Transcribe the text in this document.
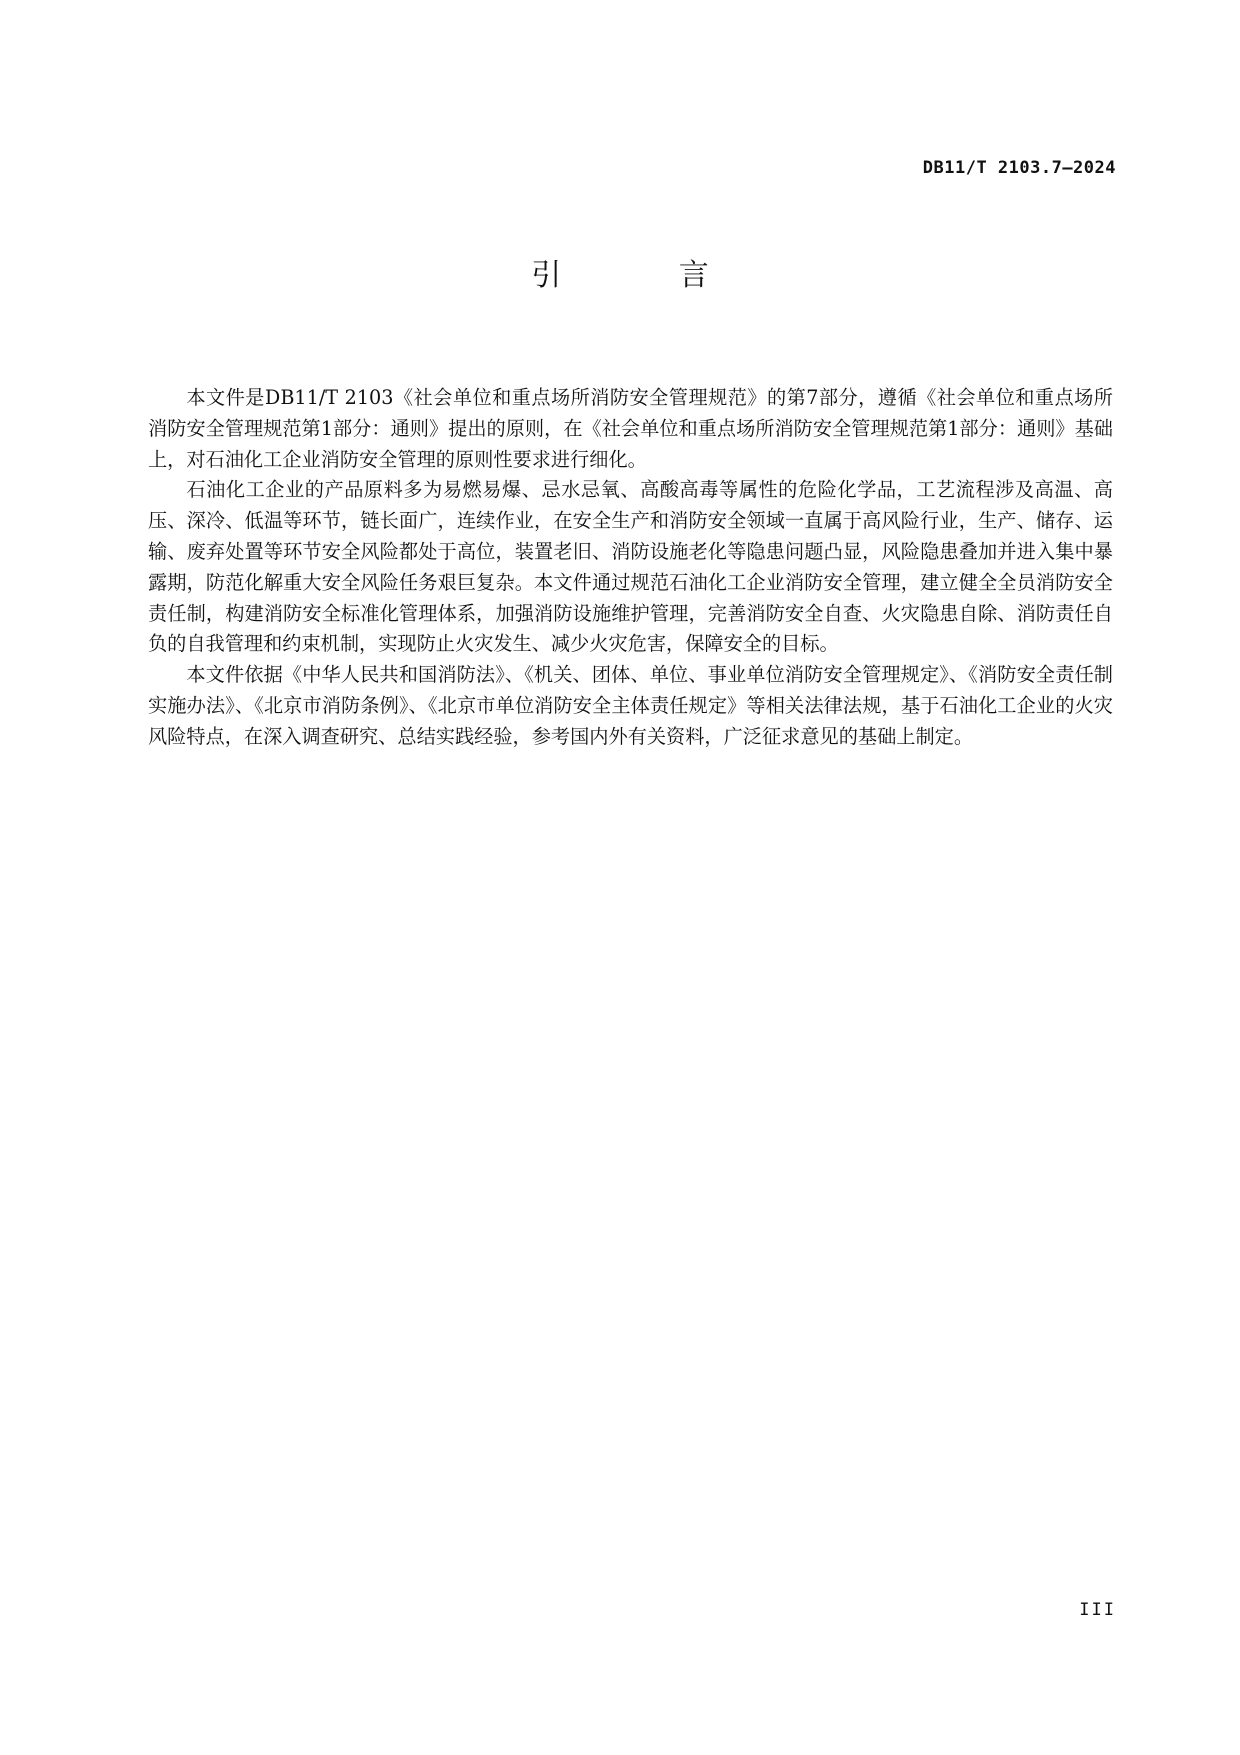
DB11/T 2103.7—2024
引 言

本文件是DB11/T 2103《社会单位和重点场所消防安全管理规范》的第7部分，遵循《社会单位和重点场所消防安全管理规范第1部分：通则》提出的原则，在《社会单位和重点场所消防安全管理规范第1部分：通则》基础上，对石油化工企业消防安全管理的原则性要求进行细化。

石油化工企业的产品原料多为易燃易爆、忌水忌氧、高酸高毒等属性的危险化学品，工艺流程涉及高温、高压、深冷、低温等环节，链长面广，连续作业，在安全生产和消防安全领域一直属于高风险行业，生产、储存、运输、废弃处置等环节安全风险都处于高位，装置老旧、消防设施老化等隐患问题凸显，风险隐患叠加并进入集中暴露期，防范化解重大安全风险任务艰巨复杂。本文件通过规范石油化工企业消防安全管理，建立健全全员消防安全责任制，构建消防安全标准化管理体系，加强消防设施维护管理，完善消防安全自查、火灾隐患自除、消防责任自负的自我管理和约束机制，实现防止火灾发生、减少火灾危害，保障安全的目标。

本文件依据《中华人民共和国消防法》、《机关、团体、单位、事业单位消防安全管理规定》、《消防安全责任制实施办法》、《北京市消防条例》、《北京市单位消防安全主体责任规定》等相关法律法规，基于石油化工企业的火灾风险特点，在深入调查研究、总结实践经验，参考国内外有关资料，广泛征求意见的基础上制定。

III
